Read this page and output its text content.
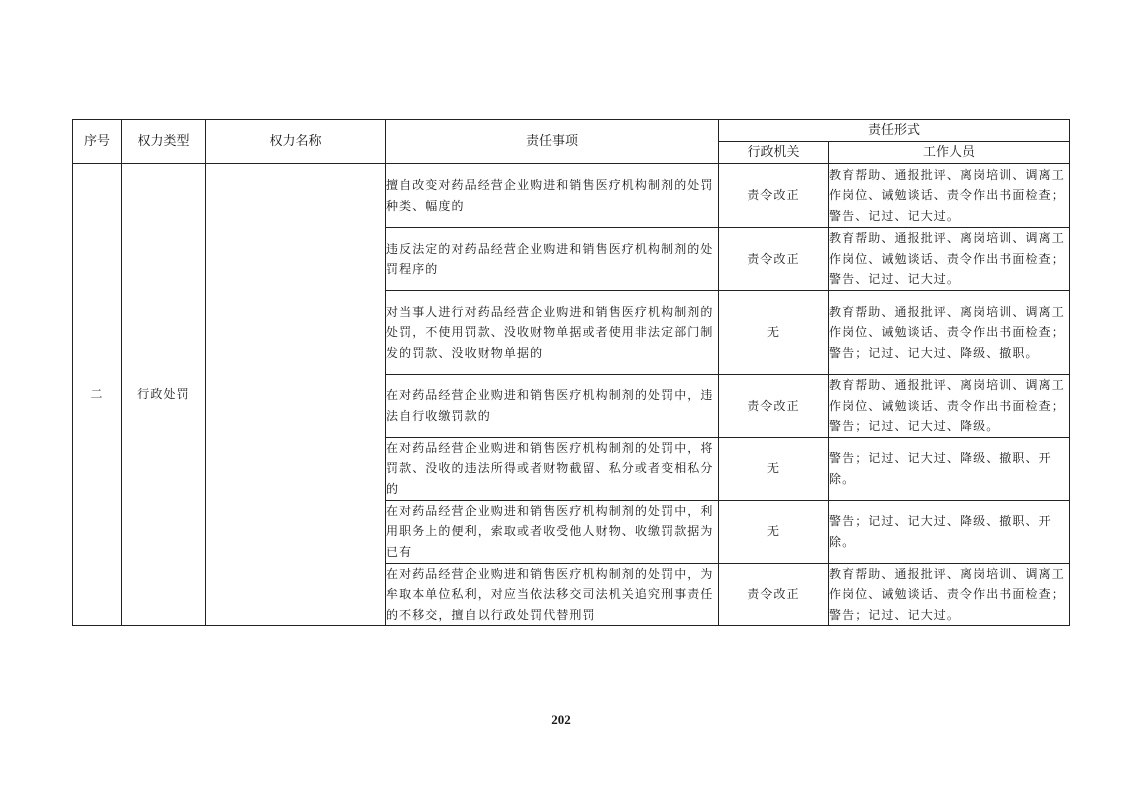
序号	权力类型	权力名称	责任事项	责任形式	
				行政机关	工作人员
二	行政处罚		擅自改变对药品经营企业购进和销售医疗机构制剂的处罚种类、幅度的	责令改正	教育帮助、通报批评、离岗培训、调离工作岗位、诫勉谈话、责令作出书面检查；警告、记过、记大过。
			违反法定的对药品经营企业购进和销售医疗机构制剂的处罚程序的	责令改正	教育帮助、通报批评、离岗培训、调离工作岗位、诫勉谈话、责令作出书面检查；警告、记过、记大过。
			对当事人进行对药品经营企业购进和销售医疗机构制剂的处罚，不使用罚款、没收财物单据或者使用非法定部门制发的罚款、没收财物单据的	无	教育帮助、通报批评、离岗培训、调离工作岗位、诫勉谈话、责令作出书面检查；警告；记过、记大过、降级、撤职。
			在对药品经营企业购进和销售医疗机构制剂的处罚中，违法自行收缴罚款的	责令改正	教育帮助、通报批评、离岗培训、调离工作岗位、诫勉谈话、责令作出书面检查；警告；记过、记大过、降级。
			在对药品经营企业购进和销售医疗机构制剂的处罚中，将罚款、没收的违法所得或者财物截留、私分或者变相私分的	无	警告；记过、记大过、降级、撤职、开除。
			在对药品经营企业购进和销售医疗机构制剂的处罚中，利用职务上的便利，索取或者收受他人财物、收缴罚款据为已有	无	警告；记过、记大过、降级、撤职、开除。
			在对药品经营企业购进和销售医疗机构制剂的处罚中，为牟取本单位私利，对应当依法移交司法机关追究刑事责任的不移交，擅自以行政处罚代替刑罚	责令改正	教育帮助、通报批评、离岗培训、调离工作岗位、诫勉谈话、责令作出书面检查；警告；记过、记大过。
202
